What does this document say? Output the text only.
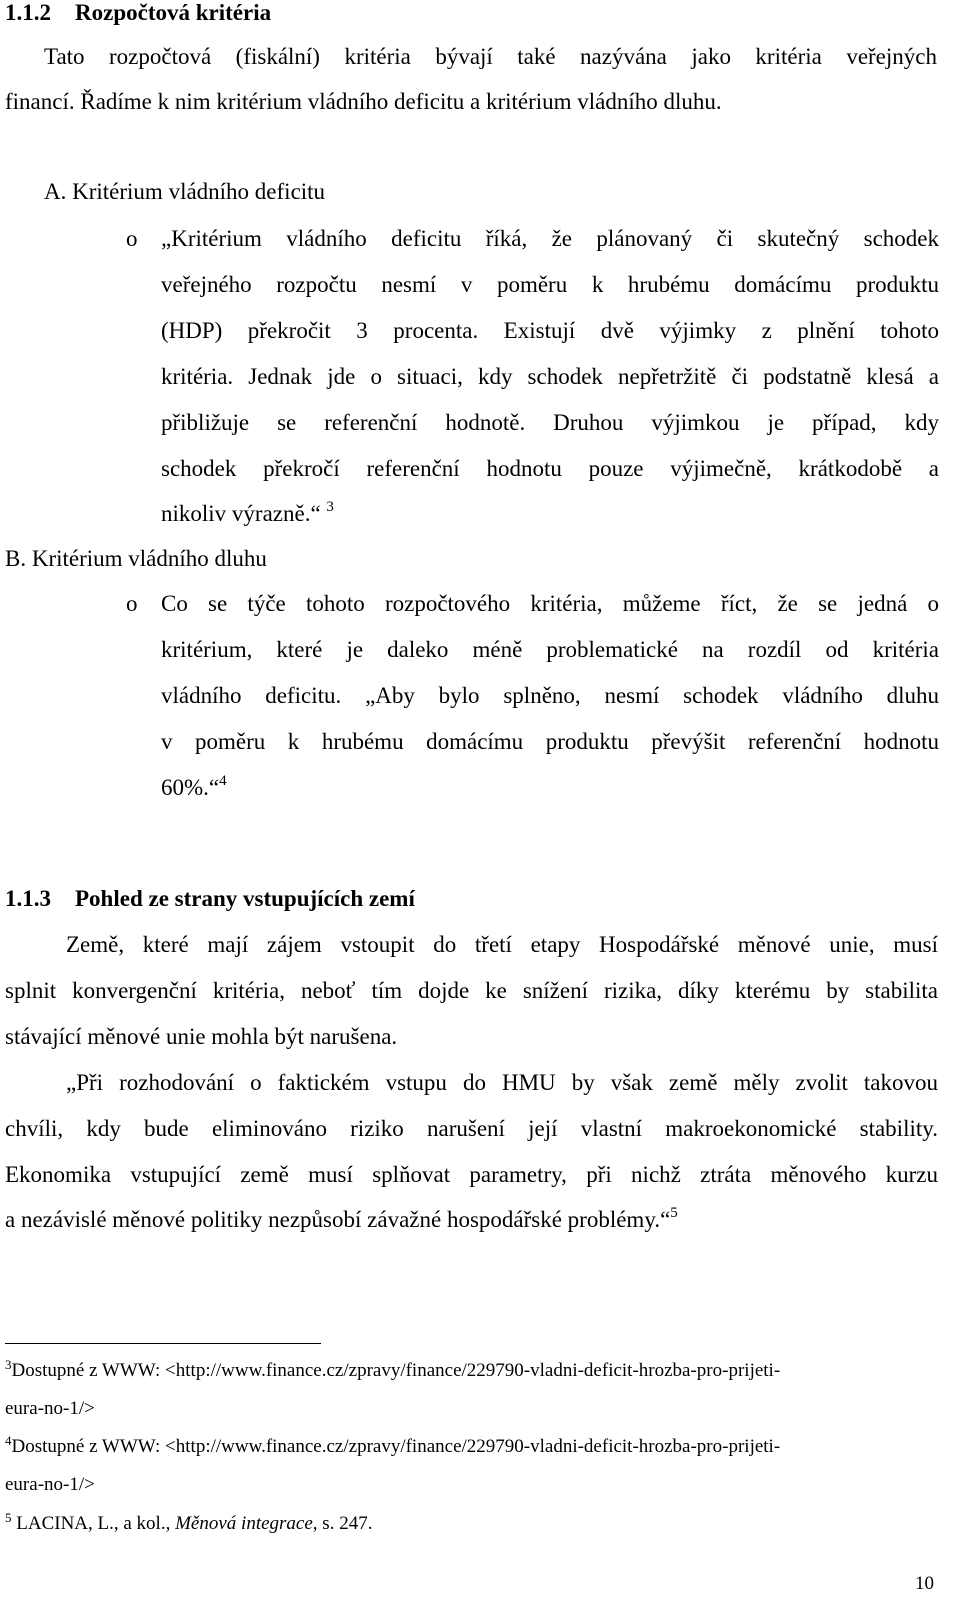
1.1.2 Rozpočtová kritéria
Tato rozpočtová (fiskální) kritéria bývají také nazývána jako kritéria veřejných
financí. Řadíme k nim kritérium vládního deficitu a kritérium vládního dluhu.
A. Kritérium vládního deficitu
o „Kritérium vládního deficitu říká, že plánovaný či skutečný schodek
veřejného rozpočtu nesmí v poměru k hrubému domácímu produktu
(HDP) překročit 3 procenta. Existují dvě výjimky z plnění tohoto
kritéria. Jednak jde o situaci, kdy schodek nepřetržitě či podstatně klesá a
přibližuje se referenční hodnotě. Druhou výjimkou je případ, kdy
schodek překročí referenční hodnotu pouze výjimečně, krátkodobě a
nikoliv výrazně.“ $^3$
B. Kritérium vládního dluhu
o Co se týče tohoto rozpočtového kritéria, můžeme říct, že se jedná o
kritérium, které je daleko méně problematické na rozdíl od kritéria
vládního deficitu. „Aby bylo splněno, nesmí schodek vládního dluhu
v poměru k hrubému domácímu produktu převýšit referenční hodnotu
60%.“$^4$
1.1.3 Pohled ze strany vstupujících zemí
Země, které mají zájem vstoupit do třetí etapy Hospodářské měnové unie, musí
splnit konvergenční kritéria, neboť tím dojde ke snížení rizika, díky kterému by stabilita
stávající měnové unie mohla být narušena.
„Při rozhodování o faktickém vstupu do HMU by však země měly zvolit takovou
chvíli, kdy bude eliminováno riziko narušení její vlastní makroekonomické stability.
Ekonomika vstupující země musí splňovat parametry, při nichž ztráta měnového kurzu
a nezávislé měnové politiky nezpůsobí závažné hospodářské problémy.“$^5$
$^3$Dostupné z WWW: <http://www.finance.cz/zpravy/finance/229790-vladni-deficit-hrozba-pro-prijeti-
eura-no-1/>
$^4$Dostupné z WWW: <http://www.finance.cz/zpravy/finance/229790-vladni-deficit-hrozba-pro-prijeti-
eura-no-1/>
$^5$ LACINA, L., a kol., Měnová integrace, s. 247.
10
